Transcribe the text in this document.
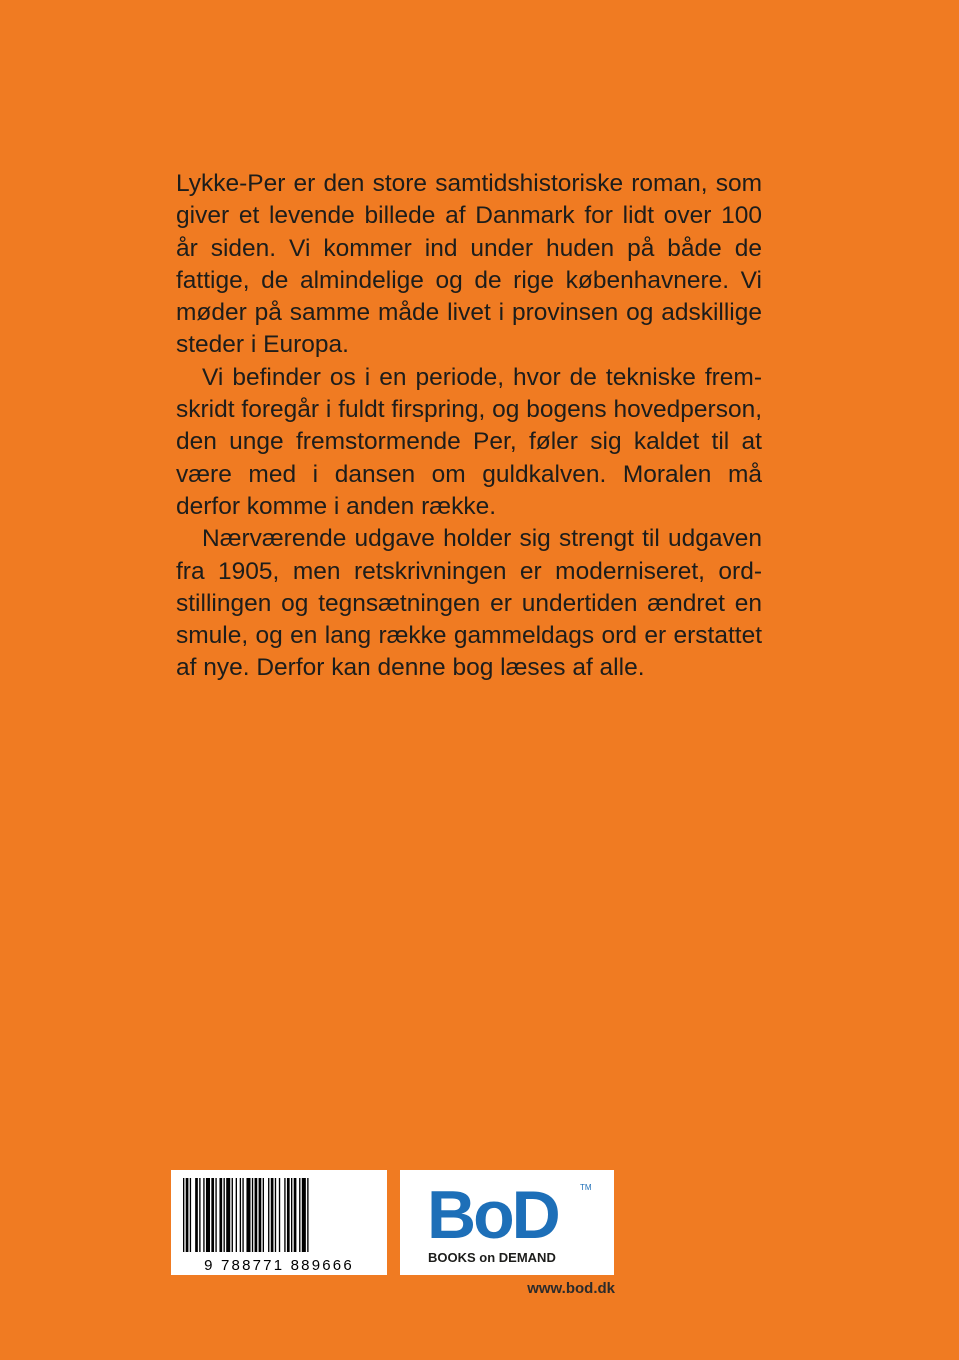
Lykke-Per er den store samtidshistoriske roman, som giver et levende billede af Danmark for lidt over 100 år siden. Vi kommer ind under huden på både de fattige, de almindelige og de rige københavnere. Vi møder på samme måde livet i provinsen og adskillige steder i Europa.

Vi befinder os i en periode, hvor de tekniske fremskridt foregår i fuldt firspring, og bogens hovedperson, den unge fremstormende Per, føler sig kaldet til at være med i dansen om guldkalven. Moralen må derfor komme i anden række.

Nærværende udgave holder sig strengt til udgaven fra 1905, men retskrivningen er moderniseret, ordstillingen og tegnsætningen er undertiden ændret en smule, og en lang række gammeldags ord er erstattet af nye. Derfor kan denne bog læses af alle.

9 788771 889666
BoD	TM
BOOKS on DEMAND
www.bod.dk
